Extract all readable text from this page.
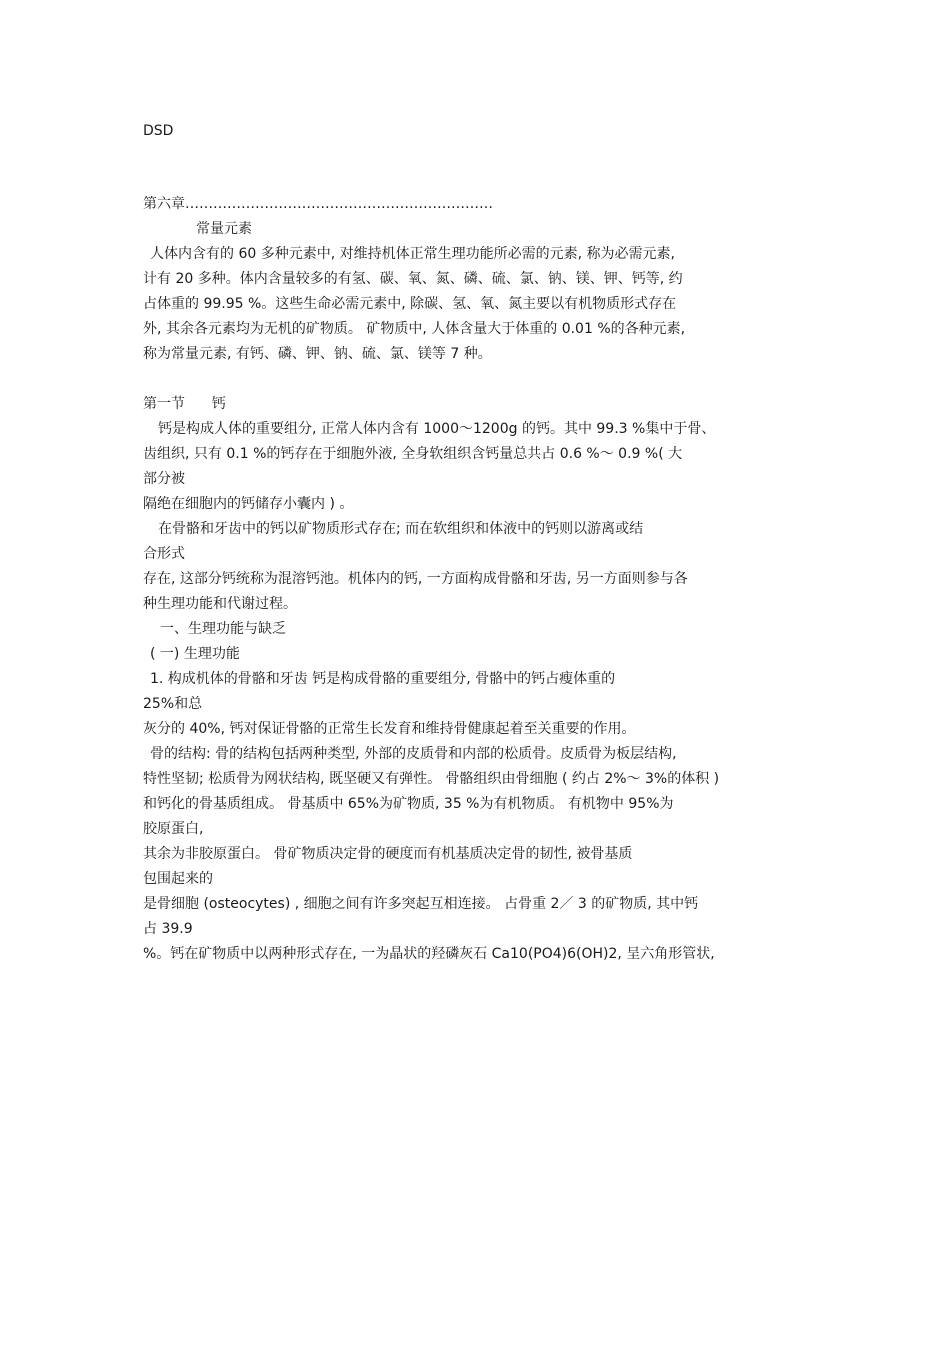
DSD
第六章…………………………………………………………
常量元素
人体内含有的 60 多种元素中, 对维持机体正常生理功能所必需的元素, 称为必需元素,
计有 20 多种。体内含量较多的有氢、碳、氧、氮、磷、硫、氯、钠、镁、钾、钙等, 约
占体重的 99.95 %。这些生命必需元素中, 除碳、氢、氧、氮主要以有机物质形式存在
外, 其余各元素均为无机的矿物质。 矿物质中, 人体含量大于体重的 0.01 %的各种元素,
称为常量元素, 有钙、磷、钾、钠、硫、氯、镁等 7 种。
第一节      钙
钙是构成人体的重要组分, 正常人体内含有 1000～1200g 的钙。其中 99.3 %集中于骨、
齿组织, 只有 0.1 %的钙存在于细胞外液, 全身软组织含钙量总共占 0.6 %～ 0.9 %( 大
部分被
隔绝在细胞内的钙储存小囊内 ) 。
在骨骼和牙齿中的钙以矿物质形式存在; 而在软组织和体液中的钙则以游离或结
合形式
存在, 这部分钙统称为混溶钙池。机体内的钙, 一方面构成骨骼和牙齿, 另一方面则参与各
种生理功能和代谢过程。
一、生理功能与缺乏
( 一) 生理功能
1. 构成机体的骨骼和牙齿 钙是构成骨骼的重要组分, 骨骼中的钙占瘦体重的
25%和总
灰分的 40%, 钙对保证骨骼的正常生长发育和维持骨健康起着至关重要的作用。
骨的结构: 骨的结构包括两种类型, 外部的皮质骨和内部的松质骨。皮质骨为板层结构,
特性坚韧; 松质骨为网状结构, 既坚硬又有弹性。 骨骼组织由骨细胞 ( 约占 2%～ 3%的体积 )
和钙化的骨基质组成。 骨基质中 65%为矿物质, 35 %为有机物质。 有机物中 95%为
胶原蛋白,
其余为非胶原蛋白。 骨矿物质决定骨的硬度而有机基质决定骨的韧性, 被骨基质
包围起来的
是骨细胞 (osteocytes) , 细胞之间有许多突起互相连接。 占骨重 2／ 3 的矿物质, 其中钙
占 39.9
%。钙在矿物质中以两种形式存在, 一为晶状的羟磷灰石 Ca10(PO4)6(OH)2, 呈六角形管状,
